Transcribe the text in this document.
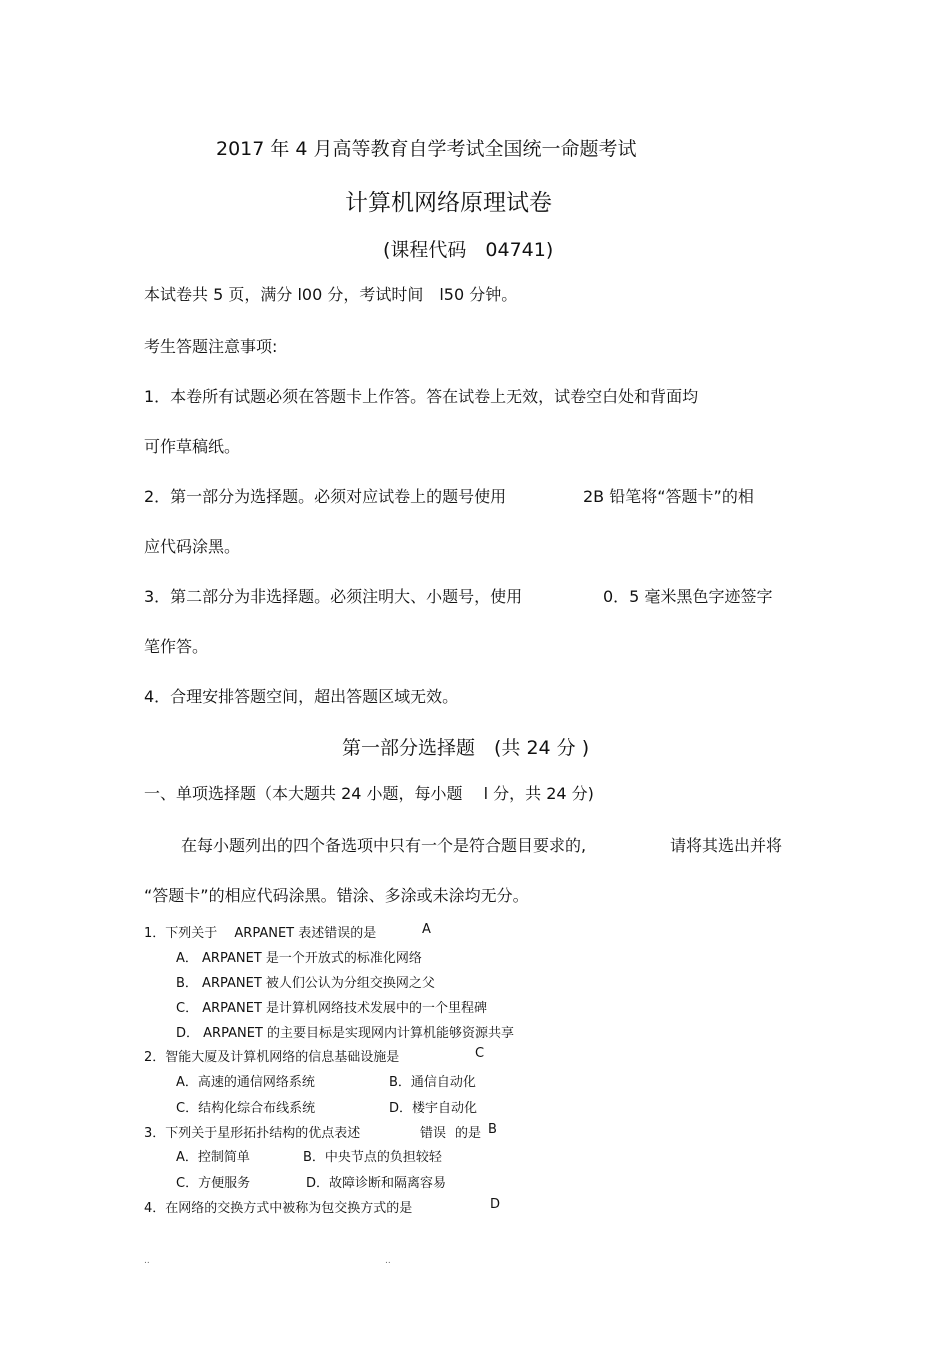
2017 年 4 月高等教育自学考试全国统一命题考试
计算机网络原理试卷
(课程代码　04741)
本试卷共 5 页，满分 l00 分，考试时间　l50 分钟。
考生答题注意事项:
1．本卷所有试题必须在答题卡上作答。答在试卷上无效，试卷空白处和背面均
可作草稿纸。
2．第一部分为选择题。必须对应试卷上的题号使用	2B 铅笔将“答题卡”的相
应代码涂黑。
3．第二部分为非选择题。必须注明大、小题号，使用	0．5 毫米黑色字迹签字
笔作答。
4．合理安排答题空间，超出答题区域无效。
第一部分选择题　(共 24 分 )
一、单项选择题（本大题共 24 小题，每小题　 l 分，共 24 分)
在每小题列出的四个备选项中只有一个是符合题目要求的,	请将其选出并将
“答题卡”的相应代码涂黑。错涂、多涂或未涂均无分。
1．下列关于　 ARPANET 表述错误的是	A
A． ARPANET 是一个开放式的标准化网络
B． ARPANET 被人们公认为分组交换网之父
C． ARPANET 是计算机网络技术发展中的一个里程碑
D． ARPANET 的主要目标是实现网内计算机能够资源共享
2．智能大厦及计算机网络的信息基础设施是	C
A．高速的通信网络系统	B．通信自动化
C．结构化综合布线系统	D．楼宇自动化
3．下列关于星形拓扑结构的优点表述	错误 的是 B
A．控制简单	B．中央节点的负担较轻
C．方便服务	D．故障诊断和隔离容易
4．在网络的交换方式中被称为包交换方式的是	D
..	..
